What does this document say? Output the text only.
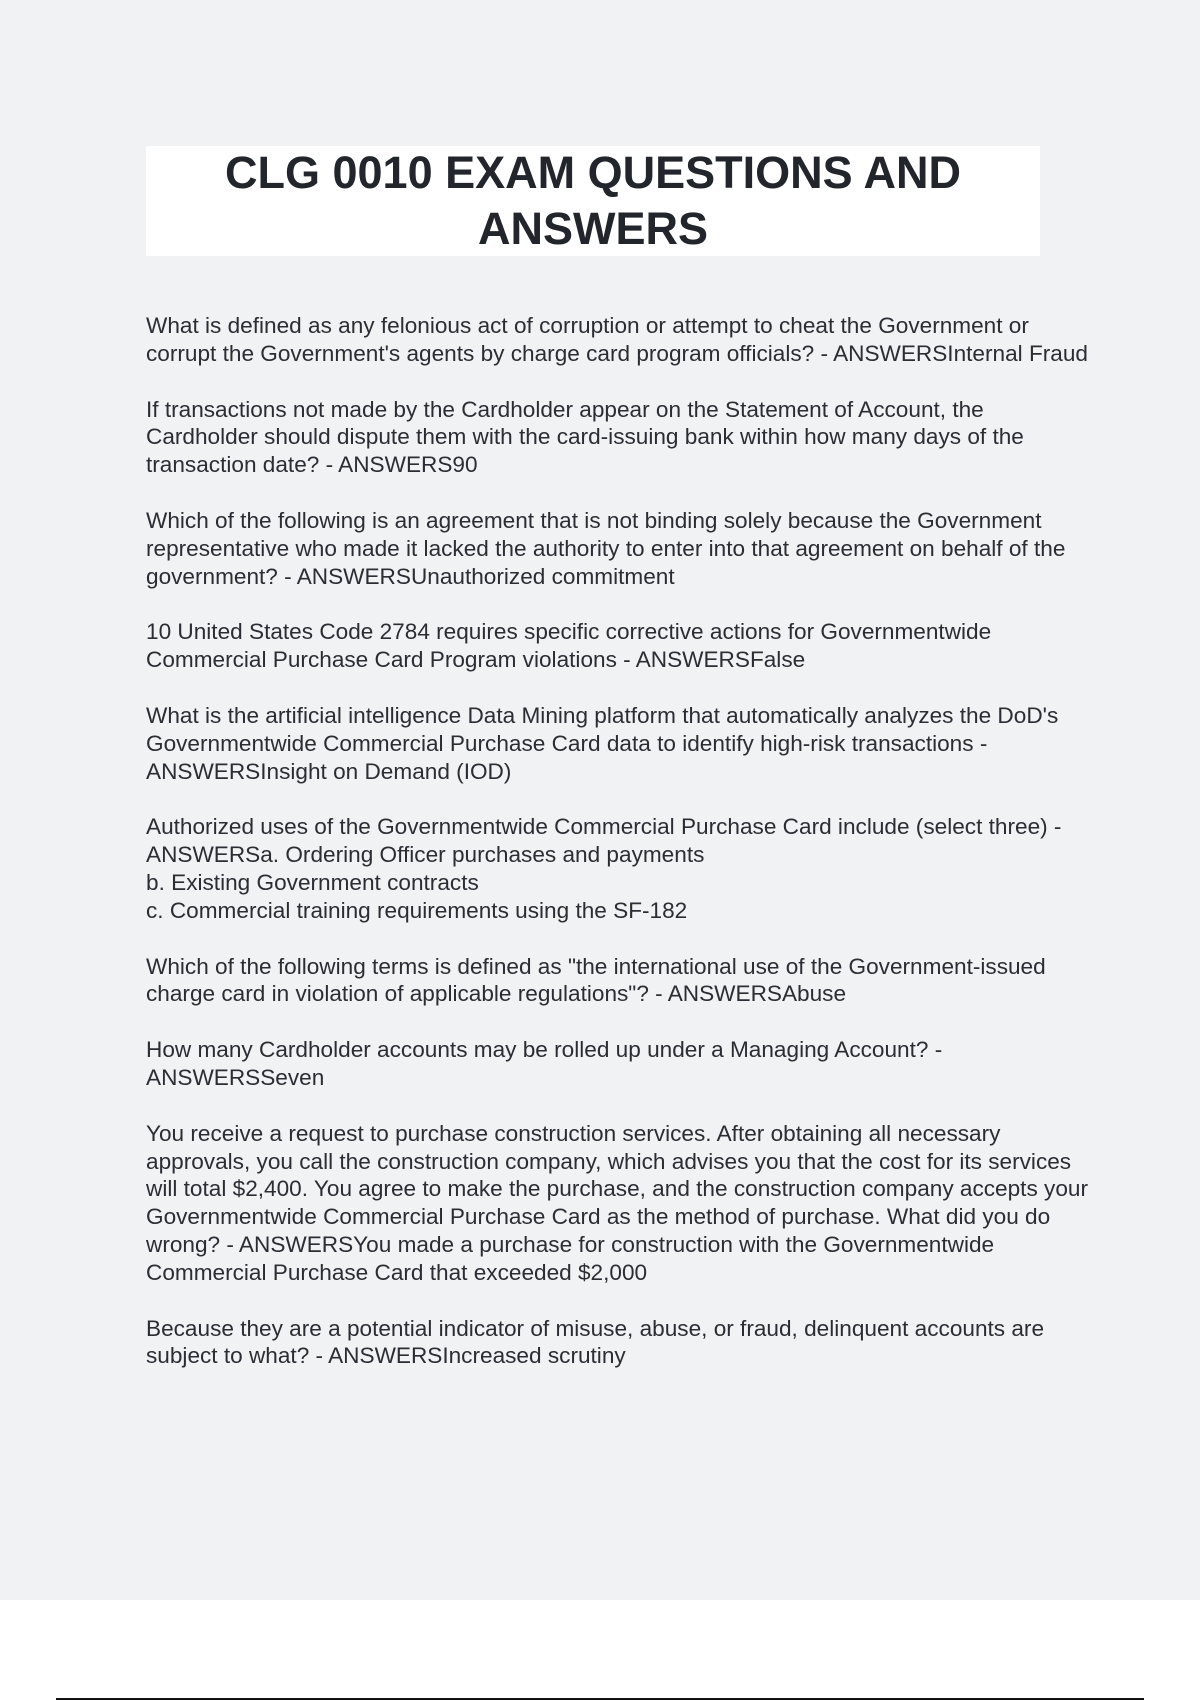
CLG 0010 EXAM QUESTIONS AND ANSWERS
What is defined as any felonious act of corruption or attempt to cheat the Government or corrupt the Government's agents by charge card program officials? - ANSWERSInternal Fraud
If transactions not made by the Cardholder appear on the Statement of Account, the Cardholder should dispute them with the card-issuing bank within how many days of the transaction date? - ANSWERS90
Which of the following is an agreement that is not binding solely because the Government representative who made it lacked the authority to enter into that agreement on behalf of the government? - ANSWERSUnauthorized commitment
10 United States Code 2784 requires specific corrective actions for Governmentwide Commercial Purchase Card Program violations - ANSWERSFalse
What is the artificial intelligence Data Mining platform that automatically analyzes the DoD's Governmentwide Commercial Purchase Card data to identify high-risk transactions - ANSWERSInsight on Demand (IOD)
Authorized uses of the Governmentwide Commercial Purchase Card include (select three) - ANSWERSa. Ordering Officer purchases and payments
b. Existing Government contracts
c. Commercial training requirements using the SF-182
Which of the following terms is defined as "the international use of the Government-issued charge card in violation of applicable regulations"? - ANSWERSAbuse
How many Cardholder accounts may be rolled up under a Managing Account? - ANSWERSSeven
You receive a request to purchase construction services. After obtaining all necessary approvals, you call the construction company, which advises you that the cost for its services will total $2,400. You agree to make the purchase, and the construction company accepts your Governmentwide Commercial Purchase Card as the method of purchase. What did you do wrong? - ANSWERSYou made a purchase for construction with the Governmentwide Commercial Purchase Card that exceeded $2,000
Because they are a potential indicator of misuse, abuse, or fraud, delinquent accounts are subject to what? - ANSWERSIncreased scrutiny
